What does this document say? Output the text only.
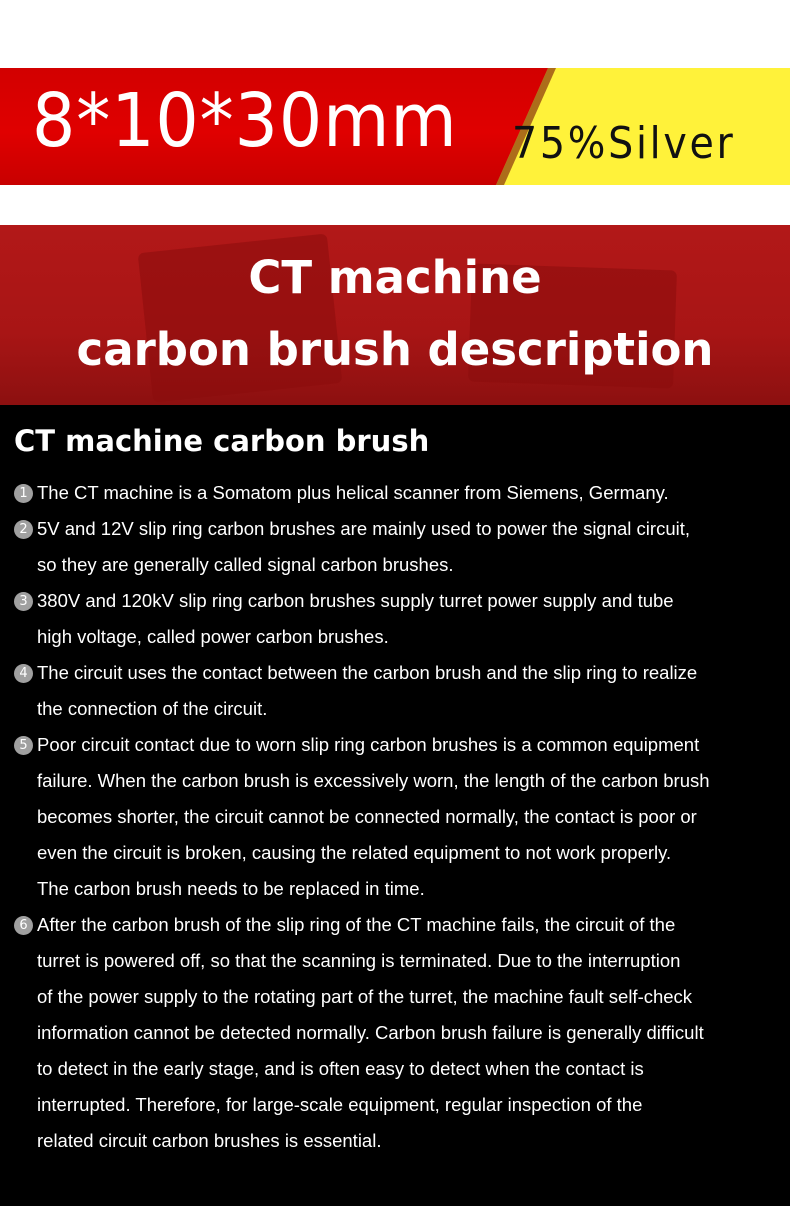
8*10*30mm 75%Silver
CT machine
carbon brush description
CT machine carbon brush
1 The CT machine is a Somatom plus helical scanner from Siemens, Germany.
2 5V and 12V slip ring carbon brushes are mainly used to power the signal circuit,
so they are generally called signal carbon brushes.
3 380V and 120kV slip ring carbon brushes supply turret power supply and tube
high voltage, called power carbon brushes.
4 The circuit uses the contact between the carbon brush and the slip ring to realize
the connection of the circuit.
5 Poor circuit contact due to worn slip ring carbon brushes is a common equipment
failure. When the carbon brush is excessively worn, the length of the carbon brush
becomes shorter, the circuit cannot be connected normally, the contact is poor or
even the circuit is broken, causing the related equipment to not work properly.
The carbon brush needs to be replaced in time.
6 After the carbon brush of the slip ring of the CT machine fails, the circuit of the
turret is powered off, so that the scanning is terminated. Due to the interruption
of the power supply to the rotating part of the turret, the machine fault self-check
information cannot be detected normally. Carbon brush failure is generally difficult
to detect in the early stage, and is often easy to detect when the contact is
interrupted. Therefore, for large-scale equipment, regular inspection of the
related circuit carbon brushes is essential.
